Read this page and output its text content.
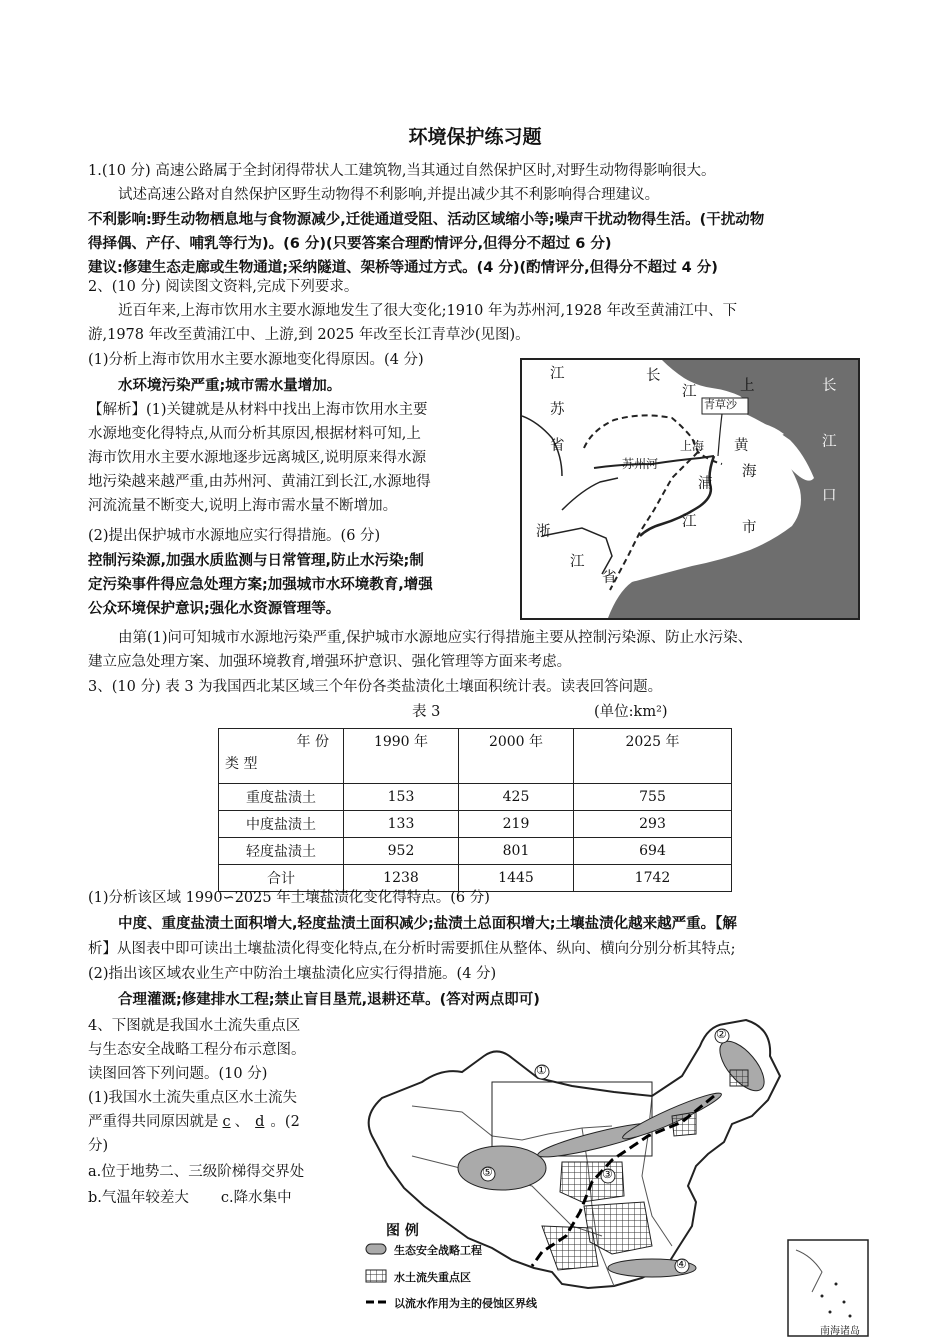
环境保护练习题
1.(10 分) 高速公路属于全封闭得带状人工建筑物,当其通过自然保护区时,对野生动物得影响很大。
试述高速公路对自然保护区野生动物得不利影响,并提出减少其不利影响得合理建议。
不利影响:野生动物栖息地与食物源减少,迁徙通道受阻、活动区域缩小等;噪声干扰动物得生活。(干扰动物
得择偶、产仔、哺乳等行为)。(6 分)(只要答案合理酌情评分,但得分不超过 6 分)
建议:修建生态走廊或生物通道;采纳隧道、架桥等通过方式。(4 分)(酌情评分,但得分不超过 4 分)
2、(10 分) 阅读图文资料,完成下列要求。
近百年来,上海市饮用水主要水源地发生了很大变化;1910 年为苏州河,1928 年改至黄浦江中、下
游,1978 年改至黄浦江中、上游,到 2025 年改至长江青草沙(见图)。
(1)分析上海市饮用水主要水源地变化得原因。(4 分)
水环境污染严重;城市需水量增加。
【解析】(1)关键就是从材料中找出上海市饮用水主要
水源地变化得特点,从而分析其原因,根据材料可知,上
海市饮用水主要水源地逐步远离城区,说明原来得水源
地污染越来越严重,由苏州河、黄浦江到长江,水源地得
河流流量不断变大,说明上海市需水量不断增加。
(2)提出保护城市水源地应实行得措施。(6 分)
控制污染源,加强水质监测与日常管理,防止水污染;制
定污染事件得应急处理方案;加强城市水环境教育,增强
公众环境保护意识;强化水资源管理等。
由第(1)问可知城市水源地污染严重,保护城市水源地应实行得措施主要从控制污染源、防止水污染、
建立应急处理方案、加强环境教育,增强环护意识、强化管理等方面来考虑。
江
苏
省
浙
江
省
长
江	上	长
江
口
青草沙
上海
苏州河
黄
浦
江
海
市
3、(10 分) 表 3 为我国西北某区域三个年份各类盐渍化土壤面积统计表。读表回答问题。
表 3	(单位:km²)
年 份
类 型	1990 年	2000 年	2025 年
重度盐渍土	153	425	755
中度盐渍土	133	219	293
轻度盐渍土	952	801	694
合计	1238	1445	1742
(1)分析该区域 1990∽2025 年土壤盐渍化变化得特点。(6 分)
中度、重度盐渍土面积增大,轻度盐渍土面积减少;盐渍土总面积增大;土壤盐渍化越来越严重。【解
析】从图表中即可读出土壤盐渍化得变化特点,在分析时需要抓住从整体、纵向、横向分别分析其特点;
(2)指出该区域农业生产中防治土壤盐渍化应实行得措施。(4 分)
合理灌溉;修建排水工程;禁止盲目垦荒,退耕还草。(答对两点即可)
4、下图就是我国水土流失重点区
与生态安全战略工程分布示意图。
读图回答下列问题。(10 分)
(1)我国水土流失重点区水土流失
严重得共同原因就是 c 、 d 。(2
分)
a.位于地势二、三级阶梯得交界处
b.气温年较差大 c.降水集中
①
②
③
④
⑤
图 例
生态安全战略工程
水土流失重点区
以流水作用为主的侵蚀区界线
南海诸岛
